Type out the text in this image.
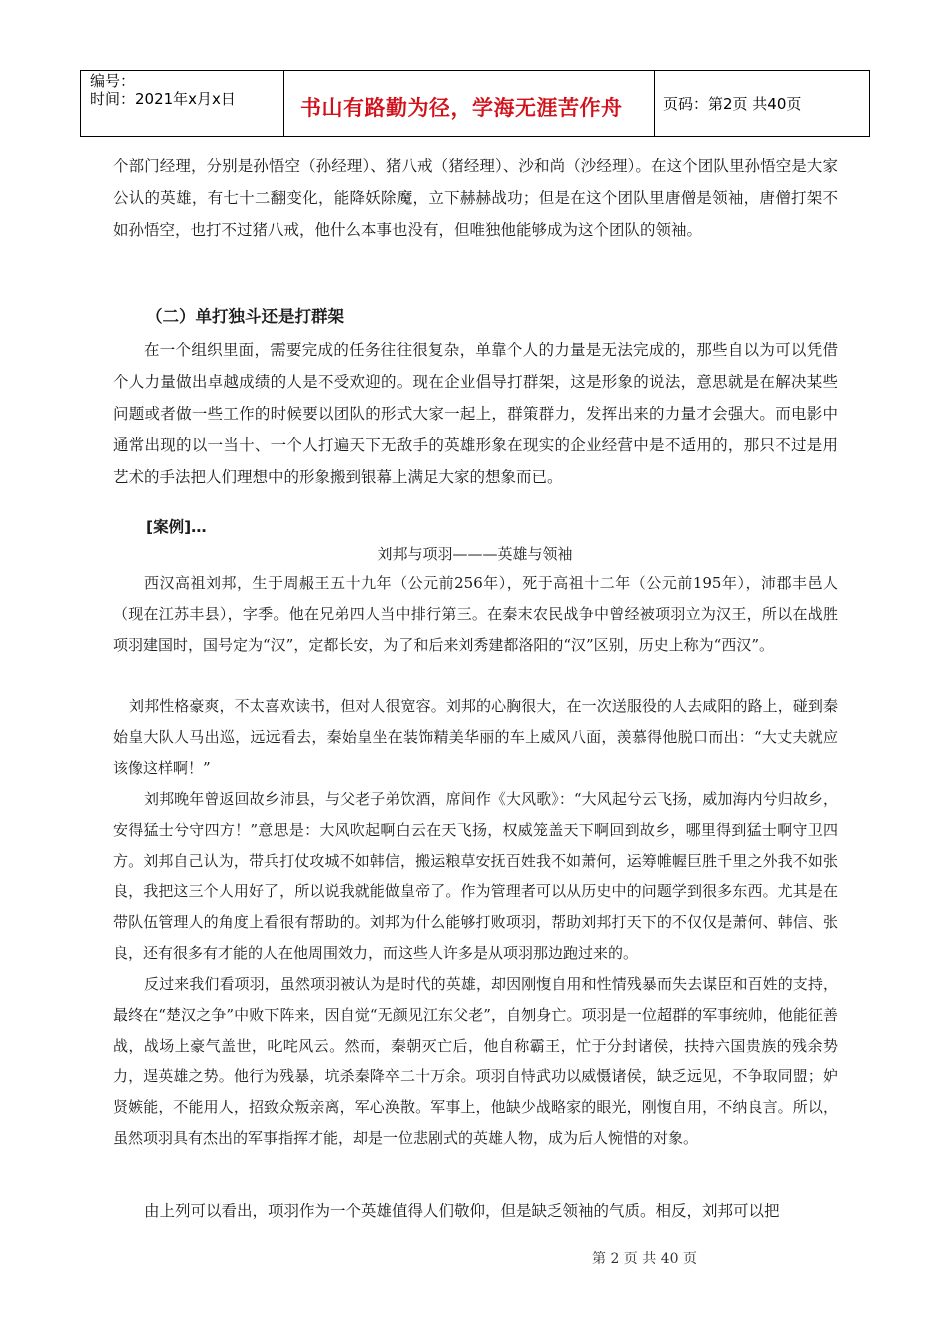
编号：
时间：2021年x月x日	书山有路勤为径，学海无涯苦作舟	页码：第2页 共40页

个部门经理，分别是孙悟空（孙经理）、猪八戒（猪经理）、沙和尚（沙经理）。在这个团队里孙悟空是大家公认的英雄，有七十二翻变化，能降妖除魔，立下赫赫战功；但是在这个团队里唐僧是领袖，唐僧打架不如孙悟空，也打不过猪八戒，他什么本事也没有，但唯独他能够成为这个团队的领袖。

（二）单打独斗还是打群架

在一个组织里面，需要完成的任务往往很复杂，单靠个人的力量是无法完成的，那些自以为可以凭借个人力量做出卓越成绩的人是不受欢迎的。现在企业倡导打群架，这是形象的说法，意思就是在解决某些问题或者做一些工作的时候要以团队的形式大家一起上，群策群力，发挥出来的力量才会强大。而电影中通常出现的以一当十、一个人打遍天下无敌手的英雄形象在现实的企业经营中是不适用的，那只不过是用艺术的手法把人们理想中的形象搬到银幕上满足大家的想象而已。

[案例]…
刘邦与项羽———英雄与领袖

西汉高祖刘邦，生于周赧王五十九年（公元前256年），死于高祖十二年（公元前195年），沛郡丰邑人（现在江苏丰县），字季。他在兄弟四人当中排行第三。在秦末农民战争中曾经被项羽立为汉王，所以在战胜项羽建国时，国号定为“汉”，定都长安，为了和后来刘秀建都洛阳的“汉”区别，历史上称为“西汉”。

刘邦性格豪爽，不太喜欢读书，但对人很宽容。刘邦的心胸很大，在一次送服役的人去咸阳的路上，碰到秦始皇大队人马出巡，远远看去，秦始皇坐在装饰精美华丽的车上威风八面，羡慕得他脱口而出：“大丈夫就应该像这样啊！”

刘邦晚年曾返回故乡沛县，与父老子弟饮酒，席间作《大风歌》：“大风起兮云飞扬，威加海内兮归故乡，安得猛士兮守四方！”意思是：大风吹起啊白云在天飞扬，权威笼盖天下啊回到故乡，哪里得到猛士啊守卫四方。刘邦自己认为，带兵打仗攻城不如韩信，搬运粮草安抚百姓我不如萧何，运筹帷幄巨胜千里之外我不如张良，我把这三个人用好了，所以说我就能做皇帝了。作为管理者可以从历史中的问题学到很多东西。尤其是在带队伍管理人的角度上看很有帮助的。刘邦为什么能够打败项羽，帮助刘邦打天下的不仅仅是萧何、韩信、张良，还有很多有才能的人在他周围效力，而这些人许多是从项羽那边跑过来的。

反过来我们看项羽，虽然项羽被认为是时代的英雄，却因刚愎自用和性情残暴而失去谋臣和百姓的支持，最终在“楚汉之争”中败下阵来，因自觉“无颜见江东父老”，自刎身亡。项羽是一位超群的军事统帅，他能征善战，战场上豪气盖世，叱咤风云。然而，秦朝灭亡后，他自称霸王，忙于分封诸侯，扶持六国贵族的残余势力，逞英雄之势。他行为残暴，坑杀秦降卒二十万余。项羽自恃武功以威慑诸侯，缺乏远见，不争取同盟；妒贤嫉能，不能用人，招致众叛亲离，军心涣散。军事上，他缺少战略家的眼光，刚愎自用，不纳良言。所以，虽然项羽具有杰出的军事指挥才能，却是一位悲剧式的英雄人物，成为后人惋惜的对象。

由上列可以看出，项羽作为一个英雄值得人们敬仰，但是缺乏领袖的气质。相反，刘邦可以把

第 2 页 共 40 页
